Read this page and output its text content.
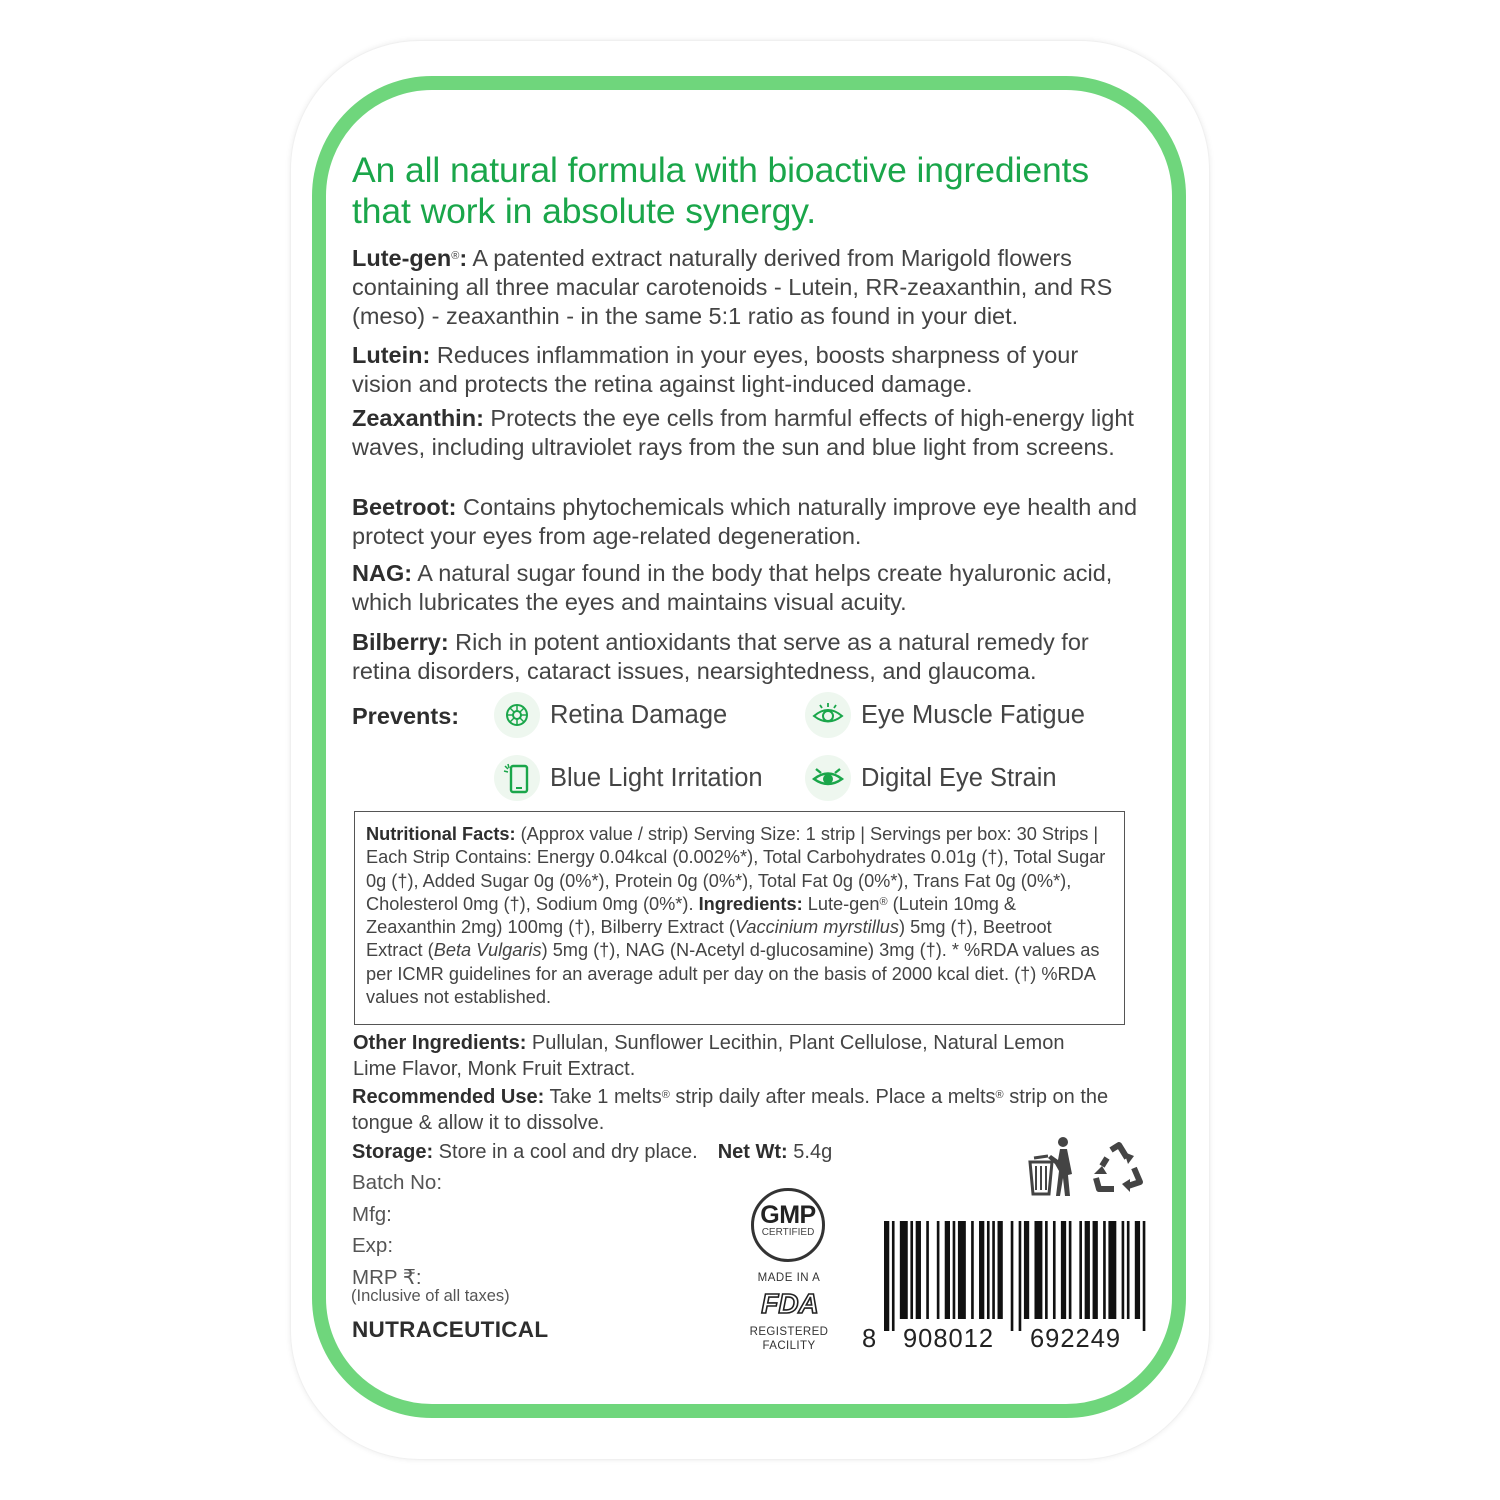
An all natural formula with bioactive ingredients that work in absolute synergy.

Lute-gen®: A patented extract naturally derived from Marigold flowers containing all three macular carotenoids - Lutein, RR-zeaxanthin, and RS (meso) - zeaxanthin - in the same 5:1 ratio as found in your diet.

Lutein: Reduces inflammation in your eyes, boosts sharpness of your vision and protects the retina against light-induced damage.

Zeaxanthin: Protects the eye cells from harmful effects of high-energy light waves, including ultraviolet rays from the sun and blue light from screens.

Beetroot: Contains phytochemicals which naturally improve eye health and protect your eyes from age-related degeneration.

NAG: A natural sugar found in the body that helps create hyaluronic acid, which lubricates the eyes and maintains visual acuity.

Bilberry: Rich in potent antioxidants that serve as a natural remedy for retina disorders, cataract issues, nearsightedness, and glaucoma.

Prevents:	Retina Damage	Eye Muscle Fatigue
Blue Light Irritation	Digital Eye Strain

Nutritional Facts: (Approx value / strip) Serving Size: 1 strip | Servings per box: 30 Strips | Each Strip Contains: Energy 0.04kcal (0.002%*), Total Carbohydrates 0.01g (†), Total Sugar 0g (†), Added Sugar 0g (0%*), Protein 0g (0%*), Total Fat 0g (0%*), Trans Fat 0g (0%*), Cholesterol 0mg (†), Sodium 0mg (0%*). Ingredients: Lute-gen® (Lutein 10mg & Zeaxanthin 2mg) 100mg (†), Bilberry Extract (Vaccinium myrstillus) 5mg (†), Beetroot Extract (Beta Vulgaris) 5mg (†), NAG (N-Acetyl d-glucosamine) 3mg (†). * %RDA values as per ICMR guidelines for an average adult per day on the basis of 2000 kcal diet. (†) %RDA values not established.

Other Ingredients: Pullulan, Sunflower Lecithin, Plant Cellulose, Natural Lemon Lime Flavor, Monk Fruit Extract.

Recommended Use: Take 1 melts® strip daily after meals. Place a melts® strip on the tongue & allow it to dissolve.

Storage: Store in a cool and dry place. Net Wt: 5.4g

Batch No:
Mfg:
Exp:
MRP ₹:
(Inclusive of all taxes)
NUTRACEUTICAL
GMP
CERTIFIED
MADE IN A
FDA
REGISTERED
FACILITY	8 908012 692249
